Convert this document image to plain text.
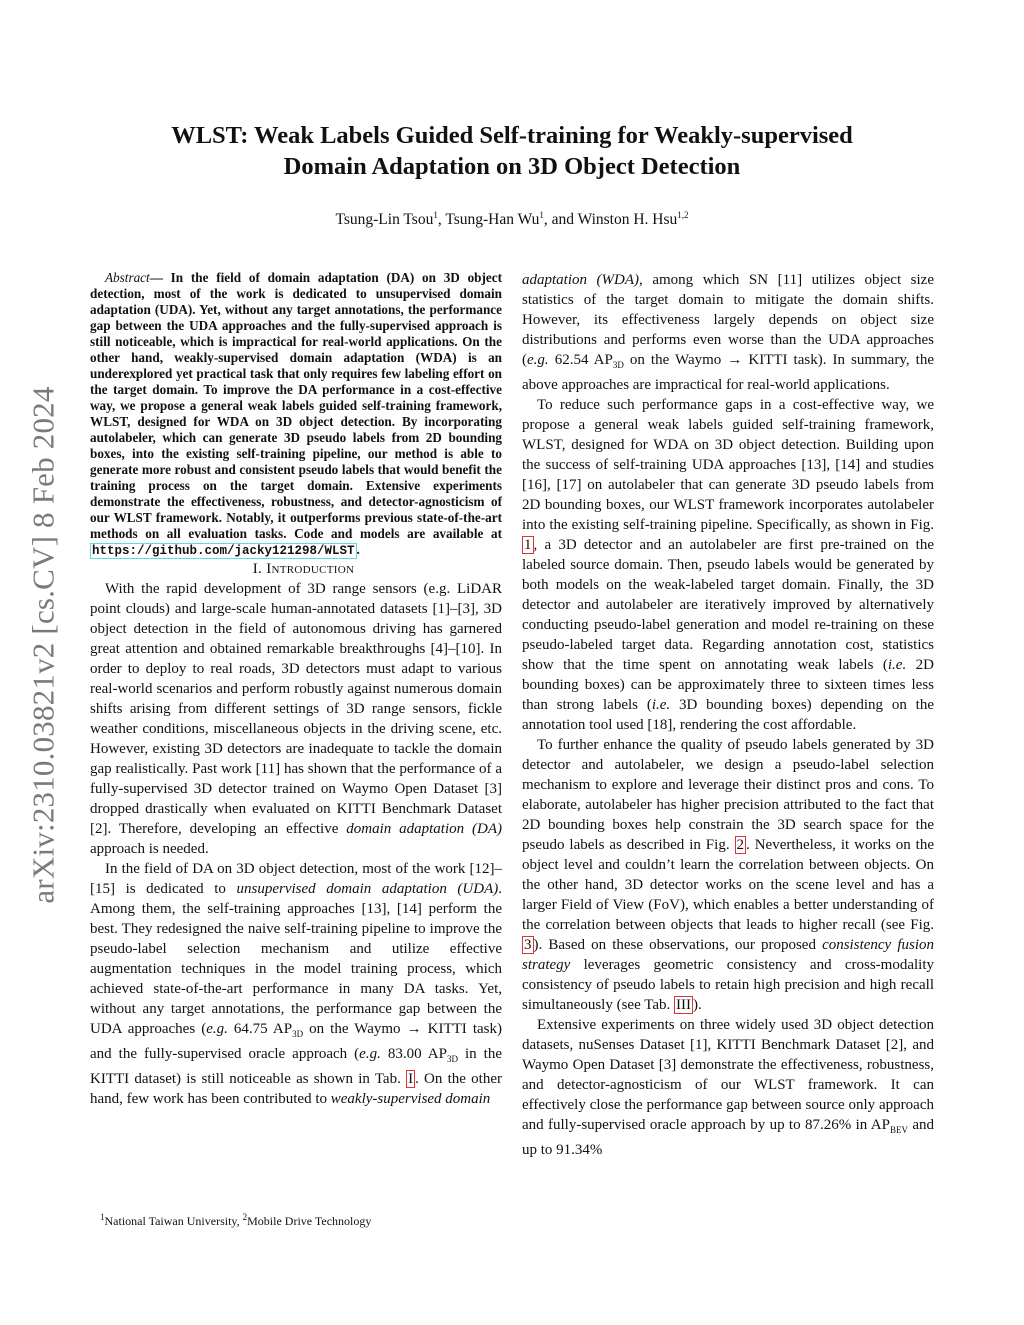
arXiv:2310.03821v2 [cs.CV] 8 Feb 2024
WLST: Weak Labels Guided Self-training for Weakly-supervised
Domain Adaptation on 3D Object Detection
Tsung-Lin Tsou$^1$, Tsung-Han Wu$^1$, and Winston H. Hsu$^{1,2}$

Abstract— In the field of domain adaptation (DA) on 3D object detection, most of the work is dedicated to unsupervised domain adaptation (UDA). Yet, without any target annotations, the performance gap between the UDA approaches and the fully-supervised approach is still noticeable, which is impractical for real-world applications. On the other hand, weakly-supervised domain adaptation (WDA) is an underexplored yet practical task that only requires few labeling effort on the target domain. To improve the DA performance in a cost-effective way, we propose a general weak labels guided self-training framework, WLST, designed for WDA on 3D object detection. By incorporating autolabeler, which can generate 3D pseudo labels from 2D bounding boxes, into the existing self-training pipeline, our method is able to generate more robust and consistent pseudo labels that would benefit the training process on the target domain. Extensive experiments demonstrate the effectiveness, robustness, and detector-agnosticism of our WLST framework. Notably, it outperforms previous state-of-the-art methods on all evaluation tasks. Code and models are available at https://github.com/jacky121298/WLST .

I. Introduction

With the rapid development of 3D range sensors (e.g. LiDAR point clouds) and large-scale human-annotated datasets [1]–[3], 3D object detection in the field of autonomous driving has garnered great attention and obtained remarkable breakthroughs [4]–[10]. In order to deploy to real roads, 3D detectors must adapt to various real-world scenarios and perform robustly against numerous domain shifts arising from different settings of 3D range sensors, fickle weather conditions, miscellaneous objects in the driving scene, etc. However, existing 3D detectors are inadequate to tackle the domain gap realistically. Past work [11] has shown that the performance of a fully-supervised 3D detector trained on Waymo Open Dataset [3] dropped drastically when evaluated on KITTI Benchmark Dataset [2]. Therefore, developing an effective domain adaptation (DA) approach is needed.

In the field of DA on 3D object detection, most of the work [12]–[15] is dedicated to unsupervised domain adaptation (UDA). Among them, the self-training approaches [13], [14] perform the best. They redesigned the naive self-training pipeline to improve the pseudo-label selection mechanism and utilize effective augmentation techniques in the model training process, which achieved state-of-the-art performance in many DA tasks. Yet, without any target annotations, the performance gap between the UDA approaches (e.g. 64.75 $AP_{3D}$ on the Waymo → KITTI task) and the fully-supervised oracle approach (e.g. 83.00 $AP_{3D}$ in the KITTI dataset) is still noticeable as shown in Tab. I . On the other hand, few work has been contributed to weakly-supervised domain

adaptation (WDA), among which SN [11] utilizes object size statistics of the target domain to mitigate the domain shifts. However, its effectiveness largely depends on object size distributions and performs even worse than the UDA approaches (e.g. 62.54 $AP_{3D}$ on the Waymo → KITTI task). In summary, the above approaches are impractical for real-world applications.

To reduce such performance gaps in a cost-effective way, we propose a general weak labels guided self-training framework, WLST, designed for WDA on 3D object detection. Building upon the success of self-training UDA approaches [13], [14] and studies [16], [17] on autolabeler that can generate 3D pseudo labels from 2D bounding boxes, our WLST framework incorporates autolabeler into the existing self-training pipeline. Specifically, as shown in Fig. 1 , a 3D detector and an autolabeler are first pre-trained on the labeled source domain. Then, pseudo labels would be generated by both models on the weak-labeled target domain. Finally, the 3D detector and autolabeler are iteratively improved by alternatively conducting pseudo-label generation and model re-training on these pseudo-labeled target data. Regarding annotation cost, statistics show that the time spent on annotating weak labels (i.e. 2D bounding boxes) can be approximately three to sixteen times less than strong labels (i.e. 3D bounding boxes) depending on the annotation tool used [18], rendering the cost affordable.

To further enhance the quality of pseudo labels generated by 3D detector and autolabeler, we design a pseudo-label selection mechanism to explore and leverage their distinct pros and cons. To elaborate, autolabeler has higher precision attributed to the fact that 2D bounding boxes help constrain the 3D search space for the pseudo labels as described in Fig. 2 . Nevertheless, it works on the object level and couldn’t learn the correlation between objects. On the other hand, 3D detector works on the scene level and has a larger Field of View (FoV), which enables a better understanding of the correlation between objects that leads to higher recall (see Fig. 3 ). Based on these observations, our proposed consistency fusion strategy leverages geometric consistency and cross-modality consistency of pseudo labels to retain high precision and high recall simultaneously (see Tab. III ).

Extensive experiments on three widely used 3D object detection datasets, nuSenses Dataset [1], KITTI Benchmark Dataset [2], and Waymo Open Dataset [3] demonstrate the effectiveness, robustness, and detector-agnosticism of our WLST framework. It can effectively close the performance gap between source only approach and fully-supervised oracle approach by up to 87.26% in $AP_{BEV}$ and up to 91.34%

$^1$National Taiwan University, $^2$Mobile Drive Technology
